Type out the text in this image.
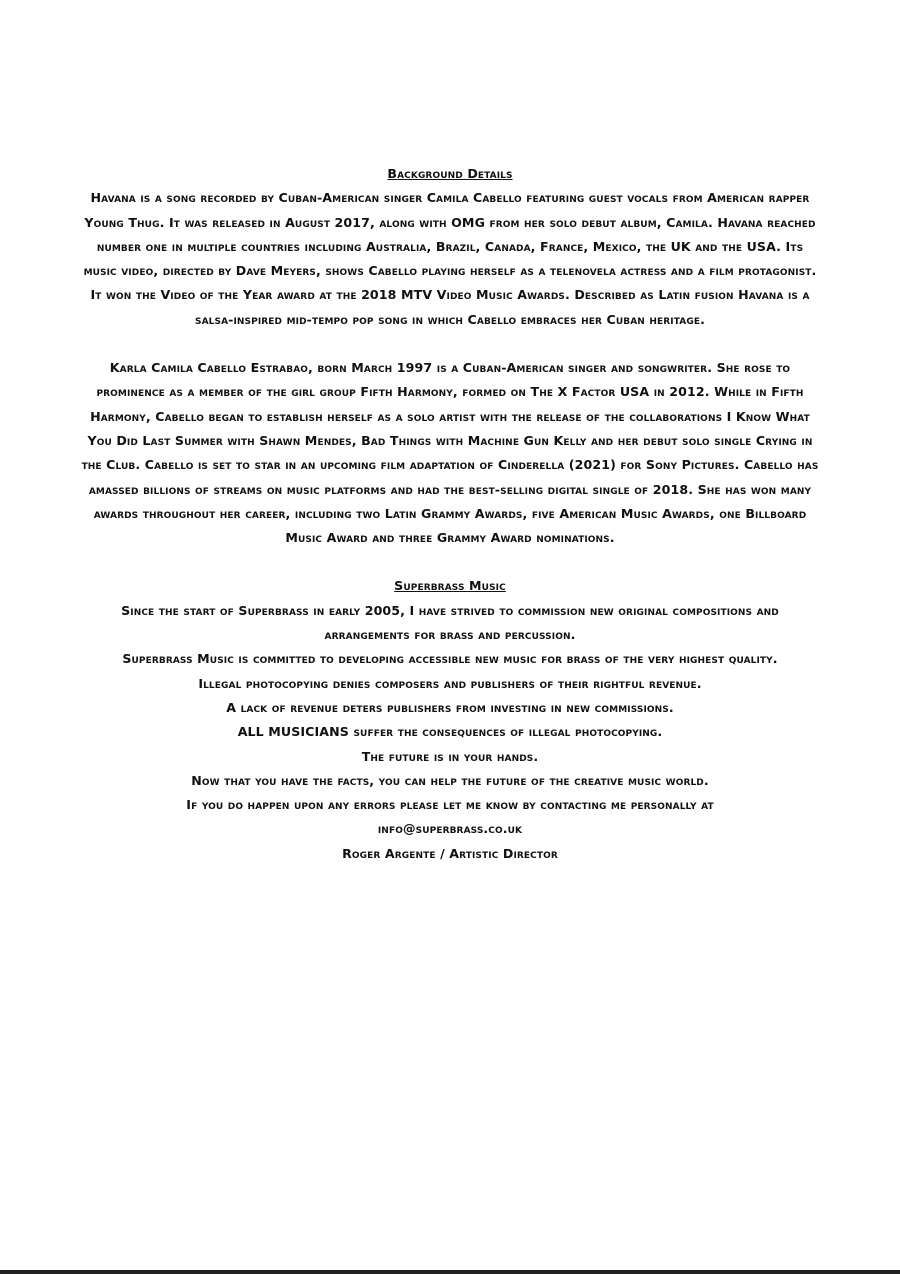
Background Details

Havana is a song recorded by Cuban-American singer Camila Cabello featuring guest vocals from American rapper Young Thug. It was released in August 2017, along with OMG from her solo debut album, Camila. Havana reached number one in multiple countries including Australia, Brazil, Canada, France, Mexico, the UK and the USA. Its music video, directed by Dave Meyers, shows Cabello playing herself as a telenovela actress and a film protagonist. It won the Video of the Year award at the 2018 MTV Video Music Awards. Described as Latin fusion Havana is a salsa-inspired mid-tempo pop song in which Cabello embraces her Cuban heritage.

Karla Camila Cabello Estrabao, born March 1997 is a Cuban-American singer and songwriter. She rose to prominence as a member of the girl group Fifth Harmony, formed on The X Factor USA in 2012. While in Fifth Harmony, Cabello began to establish herself as a solo artist with the release of the collaborations I Know What You Did Last Summer with Shawn Mendes, Bad Things with Machine Gun Kelly and her debut solo single Crying in the Club. Cabello is set to star in an upcoming film adaptation of Cinderella (2021) for Sony Pictures. Cabello has amassed billions of streams on music platforms and had the best-selling digital single of 2018. She has won many awards throughout her career, including two Latin Grammy Awards, five American Music Awards, one Billboard Music Award and three Grammy Award nominations.

Superbrass Music

Since the start of Superbrass in early 2005, I have strived to commission new original compositions and arrangements for brass and percussion.

Superbrass Music is committed to developing accessible new music for brass of the very highest quality.

Illegal photocopying denies composers and publishers of their rightful revenue.

A lack of revenue deters publishers from investing in new commissions.

ALL MUSICIANS suffer the consequences of illegal photocopying.

The future is in your hands.

Now that you have the facts, you can help the future of the creative music world.

If you do happen upon any errors please let me know by contacting me personally at

info@superbrass.co.uk

Roger Argente / Artistic Director
